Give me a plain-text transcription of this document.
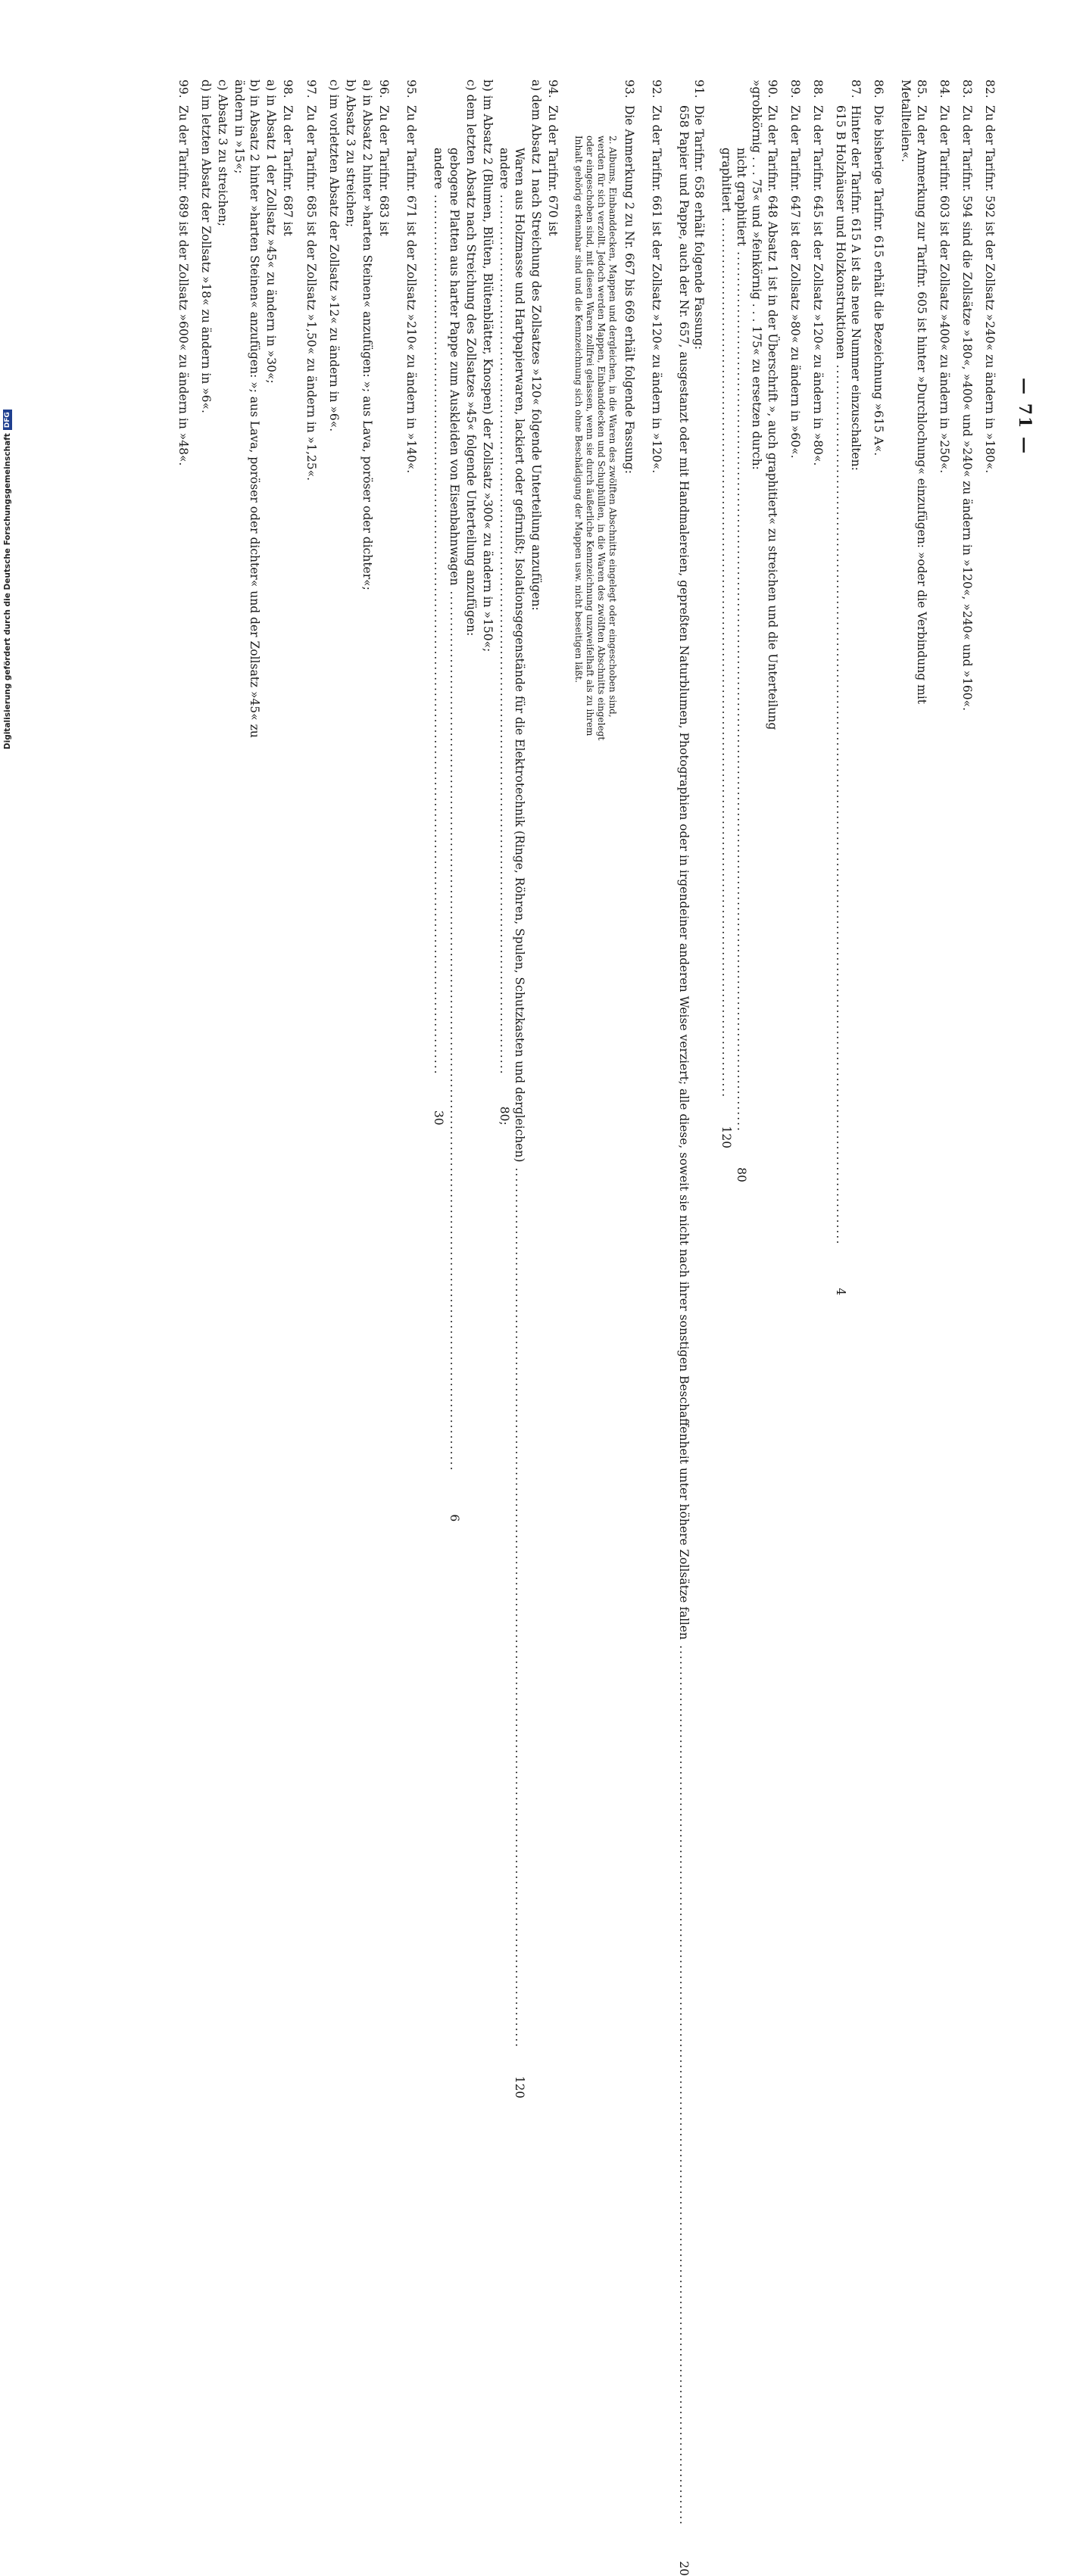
— 71 —
82.Zu der Tarifnr. 592 ist der Zollsatz »240« zu ändern in »180«.
83.Zu der Tarifnr. 594 sind die Zollsätze »180«, »400« und »240« zu ändern in »120«, »240« und »160«.
84.Zu der Tarifnr. 603 ist der Zollsatz »400« zu ändern in »250«.
85.Zu der Anmerkung zur Tarifnr. 605 ist hinter »Durchlochung« einzufügen: »oder die Verbindung mit Metallteilen«.
86.Die bisherige Tarifnr. 615 erhält die Bezeichnung »615 A«.
87.Hinter der Tarifnr. 615 A ist als neue Nummer einzuschalten:
615 B Holzhäuser und Holzkonstruktionen .....
4
88.Zu der Tarifnr. 645 ist der Zollsatz »120« zu ändern in »80«.
89.Zu der Tarifnr. 647 ist der Zollsatz »80« zu ändern in »60«.
90.Zu der Tarifnr. 648 Absatz 1 ist in der Überschrift », auch graphitiert« zu streichen und die Unterteilung »grobkörnig . . . 75« und »feinkörnig . . . 175« zu ersetzen durch:
nicht graphitiert .....
80
graphitiert .....
120
91.Die Tarifnr. 658 erhält folgende Fassung:
658 Papier und Pappe, auch der Nr. 657, ausgestanzt oder mit Handmalereien, gepreßten Naturblumen, Photographien oder in irgendeiner anderen Weise verziert; alle diese, soweit sie nicht nach ihrer sonstigen Beschaffenheit unter höhere Zollsätze fallen .....
20
92.Zu der Tarifnr. 661 ist der Zollsatz »120« zu ändern in »120«.
93.Die Anmerkung 2 zu Nr. 667 bis 669 erhält folgende Fassung:
2. Albums, Einbanddecken, Mappen und dergleichen, in die Waren des zwölften Abschnitts eingelegt oder eingeschoben sind, werden für sich verzollt. Jedoch werden Mappen, Einbanddecken und Schuphüllen, in die Waren des zwölften Abschnitts eingelegt oder eingeschoben sind, mit diesen Waren zollfrei gelassen, wenn sie durch äußerliche Kennzeichnung unzweifelhaft als zu ihrem Inhalt gehörig erkennbar sind und die Kennzeichnung sich ohne Beschädigung der Mappen usw. nicht beseitigen läßt.
94.Zu der Tarifnr. 670 ist
a) dem Absatz 1 nach Streichung des Zollsatzes »120« folgende Unterteilung anzufügen:
Waren aus Holzmasse und Hartpapierwaren, lackiert oder gefirnißt; Isolationsgegenstände für die Elektrotechnik (Ringe, Röhren, Spulen, Schutzkasten und dergleichen) .....
120
andere .....
80;
b) im Absatz 2 (Blumen, Blüten, Blütenblätter, Knospen) der Zollsatz »300« zu ändern in »150«;
c) dem letzten Absatz nach Streichung des Zollsatzes »45« folgende Unterteilung anzufügen:
gebogene Platten aus harter Pappe zum Auskleiden von Eisenbahnwagen .....
6
andere .....
30
95.Zu der Tarifnr. 671 ist der Zollsatz »210« zu ändern in »140«.
96.Zu der Tarifnr. 683 ist
a) in Absatz 2 hinter »harten Steinen« anzufügen: »; aus Lava, poröser oder dichter«;
b) Absatz 3 zu streichen;
c) im vorletzten Absatz der Zollsatz »12« zu ändern in »6«.
97.Zu der Tarifnr. 685 ist der Zollsatz »1,50« zu ändern in »1,25«.
98.Zu der Tarifnr. 687 ist
a) in Absatz 1 der Zollsatz »45« zu ändern in »30«;
b) in Absatz 2 hinter »harten Steinen« anzufügen: »; aus Lava, poröser oder dichter« und der Zollsatz »45« zu ändern in »15«;
c) Absatz 3 zu streichen;
d) im letzten Absatz der Zollsatz »18« zu ändern in »6«.
99.Zu der Tarifnr. 689 ist der Zollsatz »600« zu ändern in »48«.
Digitalisierung gefördert durch die Deutsche Forschungsgemeinschaft
DFG
